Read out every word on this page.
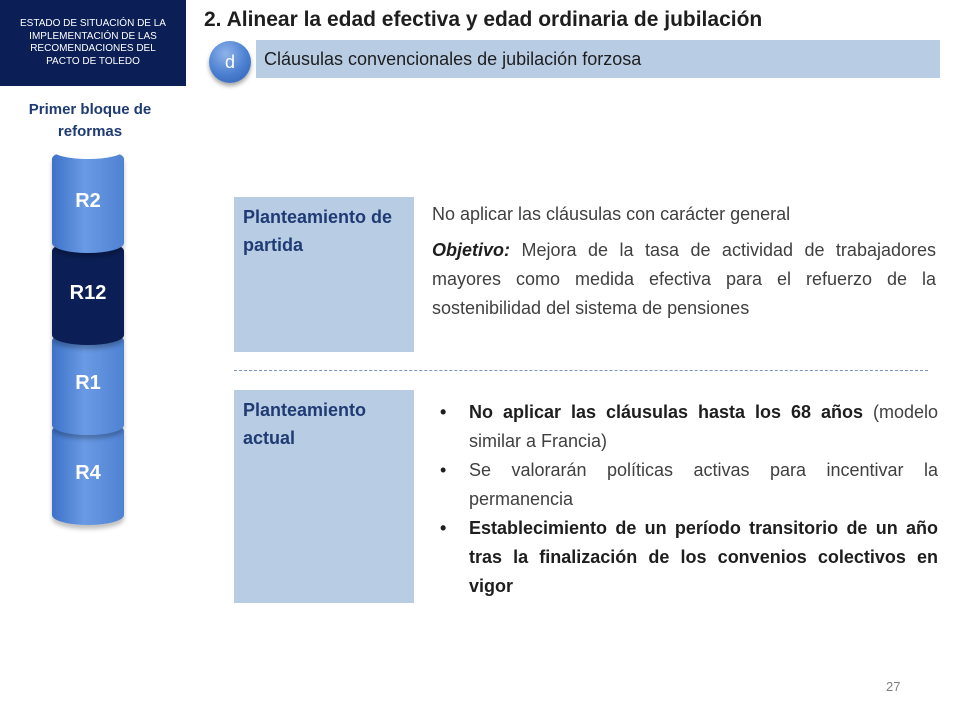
ESTADO DE SITUACIÓN DE LA
IMPLEMENTACIÓN DE LAS
RECOMENDACIONES DEL
PACTO DE TOLEDO
2. Alinear la edad efectiva y edad ordinaria de jubilación
d	Cláusulas convencionales de jubilación forzosa
Primer bloque de reformas
R4
R1
R12
R2
Planteamiento de partida

No aplicar las cláusulas con carácter general

Objetivo: Mejora de la tasa de actividad de trabajadores mayores como medida efectiva para el refuerzo de la sostenibilidad del sistema de pensiones

Planteamiento actual
• No aplicar las cláusulas hasta los 68 años (modelo similar a Francia)
• Se valorarán políticas activas para incentivar la permanencia
• Establecimiento de un período transitorio de un año tras la finalización de los convenios colectivos en vigor
27
